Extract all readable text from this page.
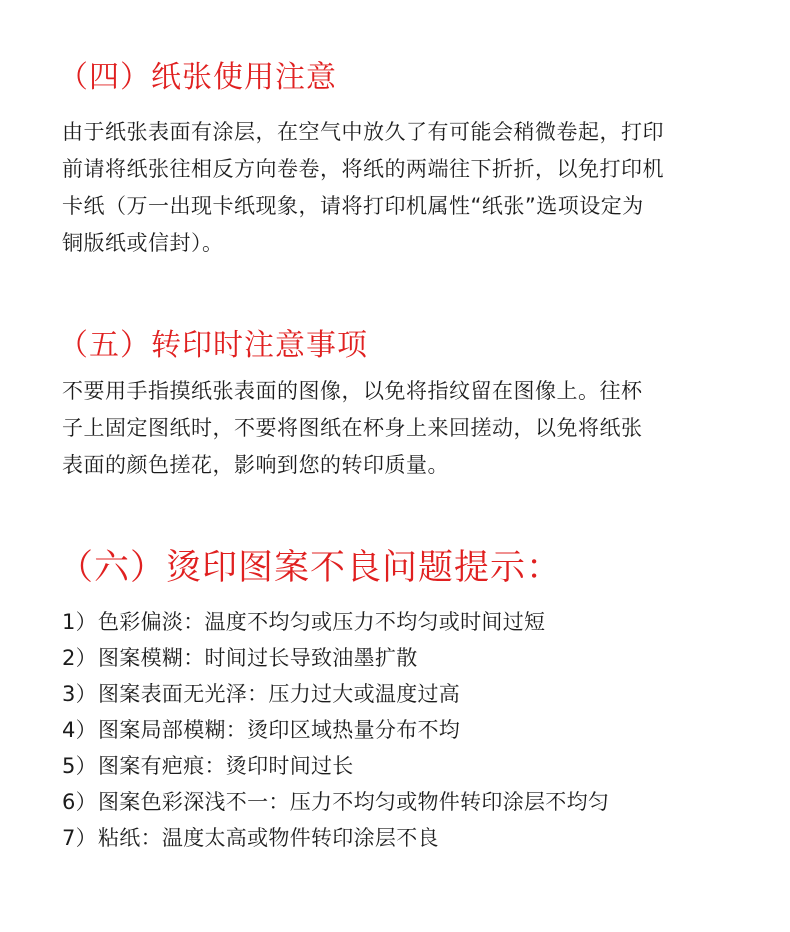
（四）纸张使用注意

由于纸张表面有涂层，在空气中放久了有可能会稍微卷起，打印
前请将纸张往相反方向卷卷，将纸的两端往下折折，以免打印机
卡纸（万一出现卡纸现象，请将打印机属性“纸张”选项设定为
铜版纸或信封）。

（五）转印时注意事项

不要用手指摸纸张表面的图像，以免将指纹留在图像上。往杯
子上固定图纸时，不要将图纸在杯身上来回搓动，以免将纸张
表面的颜色搓花，影响到您的转印质量。

（六）烫印图案不良问题提示：
1）色彩偏淡：温度不均匀或压力不均匀或时间过短
2）图案模糊：时间过长导致油墨扩散
3）图案表面无光泽：压力过大或温度过高
4）图案局部模糊：烫印区域热量分布不均
5）图案有疤痕：烫印时间过长
6）图案色彩深浅不一：压力不均匀或物件转印涂层不均匀
7）粘纸：温度太高或物件转印涂层不良
